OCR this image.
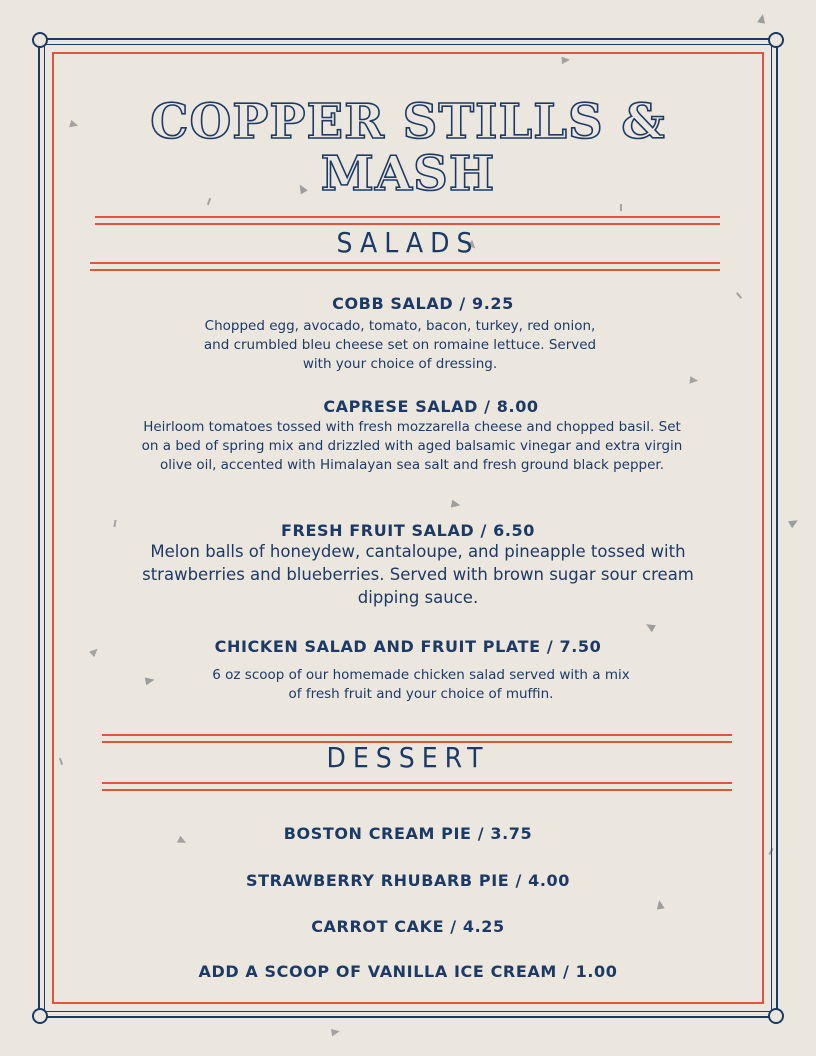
COPPER STILLS & MASH
SALADS
COBB SALAD / 9.25

Chopped egg, avocado, tomato, bacon, turkey, red onion, and crumbled bleu cheese set on romaine lettuce. Served with your choice of dressing.

CAPRESE SALAD / 8.00

Heirloom tomatoes tossed with fresh mozzarella cheese and chopped basil. Set on a bed of spring mix and drizzled with aged balsamic vinegar and extra virgin olive oil, accented with Himalayan sea salt and fresh ground black pepper.

FRESH FRUIT SALAD / 6.50

Melon balls of honeydew, cantaloupe, and pineapple tossed with strawberries and blueberries. Served with brown sugar sour cream dipping sauce.

CHICKEN SALAD AND FRUIT PLATE / 7.50

6 oz scoop of our homemade chicken salad served with a mix of fresh fruit and your choice of muffin.

DESSERT
BOSTON CREAM PIE / 3.75
STRAWBERRY RHUBARB PIE / 4.00
CARROT CAKE / 4.25
ADD A SCOOP OF VANILLA ICE CREAM / 1.00
